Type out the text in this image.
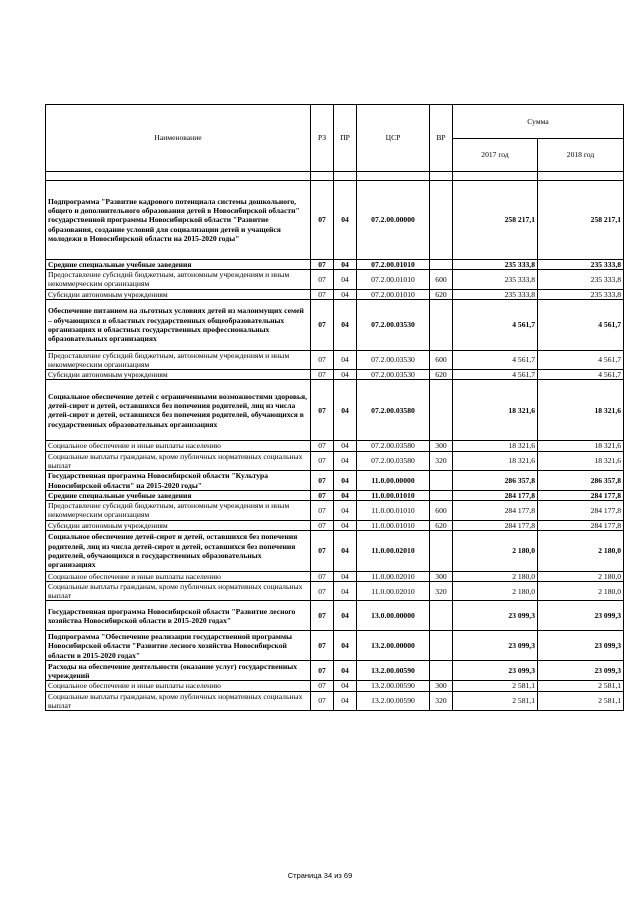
Наименование	РЗ	ПР	ЦСР	ВР	Сумма	
					2017 год	2018 год

Подпрограмма "Развитие кадрового потенциала системы дошкольного, общего и дополнительного образования детей в Новосибирской области" государственной программы Новосибирской области "Развитие образования, создание условий для социализации детей и учащейся молодежи в Новосибирской области на 2015-2020 годы"	07	04	07.2.00.00000		258 217,1	258 217,1
Средние специальные учебные заведения	07	04	07.2.00.01010		235 333,8	235 333,8
Предоставление субсидий бюджетным, автономным учреждениям и иным некоммерческим организациям	07	04	07.2.00.01010	600	235 333,8	235 333,8
Субсидии автономным учреждениям	07	04	07.2.00.01010	620	235 333,8	235 333,8
Обеспечение питанием на льготных условиях детей из малоимущих семей – обучающихся в областных государственных общеобразовательных организациях и областных государственных профессиональных образовательных организациях	07	04	07.2.00.03530		4 561,7	4 561,7
Предоставление субсидий бюджетным, автономным учреждениям и иным некоммерческим организациям	07	04	07.2.00.03530	600	4 561,7	4 561,7
Субсидии автономным учреждениям	07	04	07.2.00.03530	620	4 561,7	4 561,7
Социальное обеспечение детей с ограниченными возможностями здоровья, детей-сирот и детей, оставшихся без попечения родителей, лиц из числа детей-сирот и детей, оставшихся без попечения родителей, обучающихся в государственных образовательных организациях	07	04	07.2.00.03580		18 321,6	18 321,6
Социальное обеспечение и иные выплаты населению	07	04	07.2.00.03580	300	18 321,6	18 321,6
Социальные выплаты гражданам, кроме публичных нормативных социальных выплат	07	04	07.2.00.03580	320	18 321,6	18 321,6
Государственная программа Новосибирской области "Культура Новосибирской области" на 2015-2020 годы"	07	04	11.0.00.00000		286 357,8	286 357,8
Средние специальные учебные заведения	07	04	11.0.00.01010		284 177,8	284 177,8
Предоставление субсидий бюджетным, автономным учреждениям и иным некоммерческим организациям	07	04	11.0.00.01010	600	284 177,8	284 177,8
Субсидии автономным учреждениям	07	04	11.0.00.01010	620	284 177,8	284 177,8
Социальное обеспечение детей-сирот и детей, оставшихся без попечения родителей, лиц из числа детей-сирот и детей, оставшихся без попечения родителей, обучающихся в государственных образовательных организациях	07	04	11.0.00.02010		2 180,0	2 180,0
Социальное обеспечение и иные выплаты населению	07	04	11.0.00.02010	300	2 180,0	2 180,0
Социальные выплаты гражданам, кроме публичных нормативных социальных выплат	07	04	11.0.00.02010	320	2 180,0	2 180,0
Государственная программа Новосибирской области "Развитие лесного хозяйства Новосибирской области в 2015-2020 годах"	07	04	13.0.00.00000		23 099,3	23 099,3
Подпрограмма "Обеспечение реализации государственной программы Новосибирской области "Развитие лесного хозяйства Новосибирской области в 2015-2020 годах"	07	04	13.2.00.00000		23 099,3	23 099,3
Расходы на обеспечение деятельности (оказание услуг) государственных учреждений	07	04	13.2.00.00590		23 099,3	23 099,3
Социальное обеспечение и иные выплаты населению	07	04	13.2.00.00590	300	2 581,1	2 581,1
Социальные выплаты гражданам, кроме публичных нормативных социальных выплат	07	04	13.2.00.00590	320	2 581,1	2 581,1
Страница 34 из 69
